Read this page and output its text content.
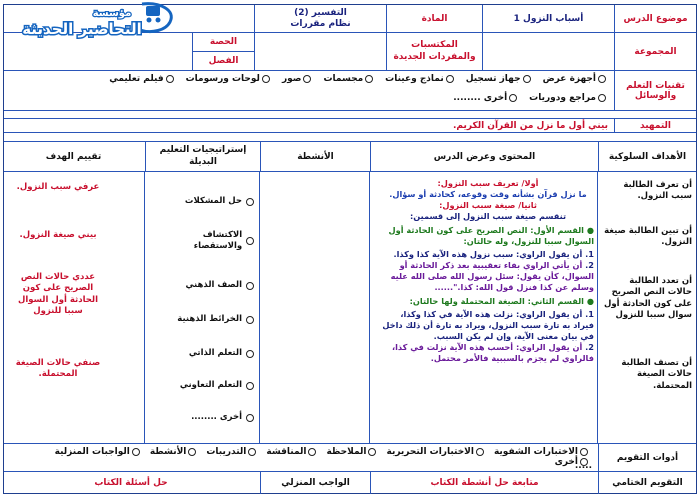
موضوع الدرس
أسباب النزول 1
المادة
التفسير (2)
نظام مقررات
المجموعة
المكتسبات والمفردات الجديدة
الحصة
الفصل
تقنيات التعلم والوسائل
أجهزة عرض
جهاز تسجيل
نماذج وعينات
مجسمات
صور
لوحات ورسومات
فيلم تعليمي
مراجع ودوريات
أخرى ........
التمهيد
بيني أول ما نزل من القرآن الكريم.
الأهداف السلوكية
المحتوى وعرض الدرس
الأنشطة
إستراتيجيات التعليم البديلة
تقييم الهدف
أن تعرف الطالبة سبب النزول.
أن تبين الطالبة صيغة النزول.
أن تعدد الطالبة حالات النص الصريح على كون الحادثة أول سوال سببا للنزول
أن تصنف الطالبة حالات الصيغة المحتملة.
أولا/ تعريف سبب النزول:
ما نزل قرآن بشأنه وقت وقوعه، كحادثة أو سؤال.
ثانيا/ صيغة سبب النزول:
تنقسم صيغة سبب النزول إلى قسمين:
● القسم الأول: النص الصريح على كون الحادثة أول السوال سببا للنزول، وله حالتان:
1. أن يقول الراوي: سبب نزول هذه الآية كذا وكذا.
2. أن يأتي الراوي بفاء تعقيبية بعد ذكر الحادثة أو السوال، كأن يقول: سئل رسول الله صلى الله عليه وسلم عن كذا فنزل قول الله: كذا."......
● القسم الثاني: الصيغة المحتملة ولها حالتان:
1. أن يقول الراوي: نزلت هذه الآية في كذا وكذا، فيراد به تارة سبب النزول، ويراد به تارة أن ذلك داخل في بيان معنى الآية، وإن لم يكن السبب.
2. أن يقول الراوي: أحسب هذه الآية نزلت في كذا، فالراوي لم يجزم بالسببية فالأمر محتمل.
حل المشكلات
الاكتشاف والاستقصاء
الصف الذهني
الخرائط الذهنية
التعلم الذاتي
التعلم التعاوني
أخرى ........
عرفي سبب النزول.
بيني صيغة النزول.
عددي حالات النص الصريح على كون الحادثة أول السوال سببا للنزول
صنفي حالات الصيغة المحتملة.
أدوات التقويم
الاختبارات الشفوية
الاختبارات التحريرية
الملاحظة
المناقشة
التدريبات
الأنشطة
الواجبات المنزلية
أخرى
.....
التقويم الختامي
متابعة حل أنشطة الكتاب
الواجب المنزلي
حل أسئلة الكتاب
مؤسسة
التحاضير الحديثة
